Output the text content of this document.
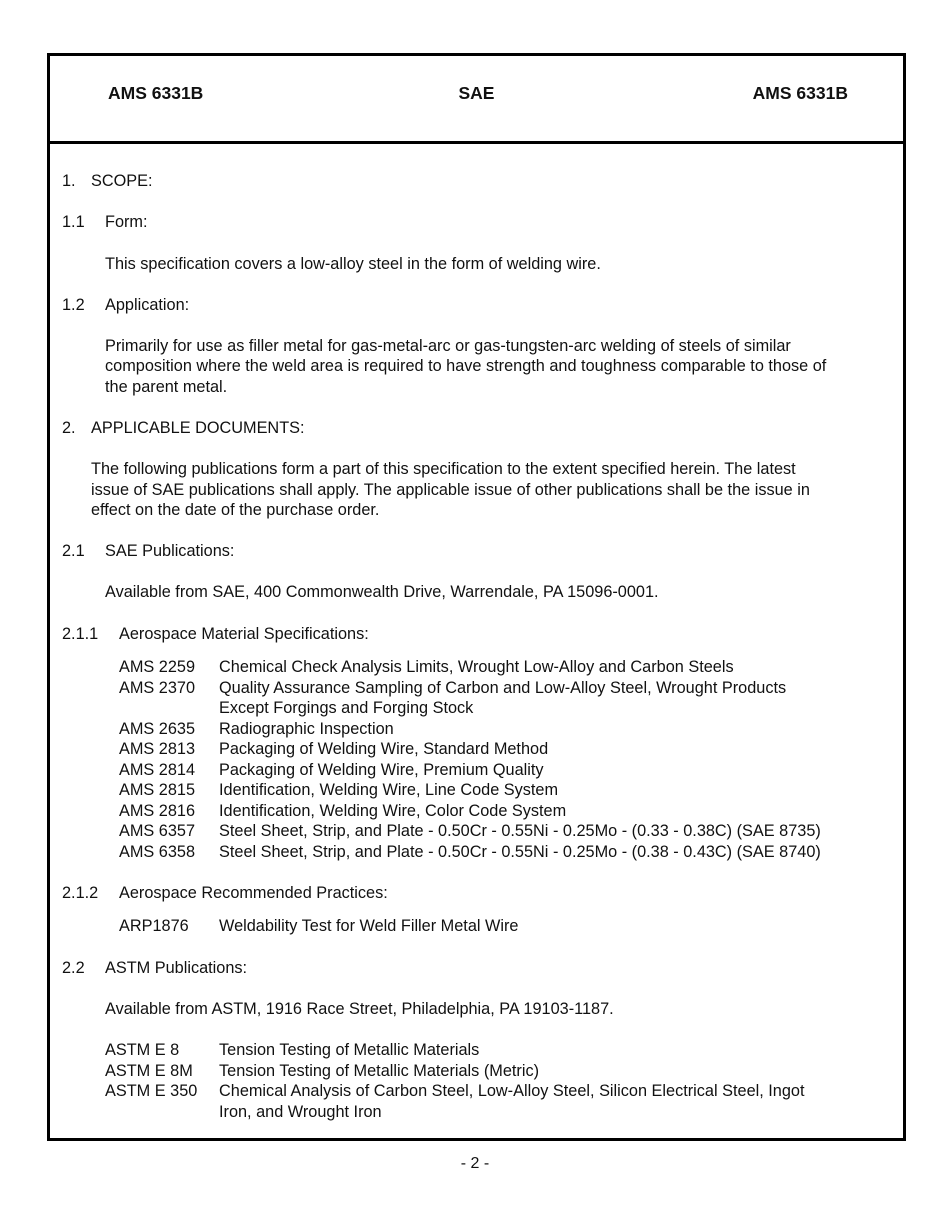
AMS 6331B	SAE	AMS 6331B
1. SCOPE:
1.1 Form:
This specification covers a low-alloy steel in the form of welding wire.
1.2 Application:
Primarily for use as filler metal for gas-metal-arc or gas-tungsten-arc welding of steels of similar
composition where the weld area is required to have strength and toughness comparable to those of
the parent metal.
2. APPLICABLE DOCUMENTS:
The following publications form a part of this specification to the extent specified herein. The latest
issue of SAE publications shall apply. The applicable issue of other publications shall be the issue in
effect on the date of the purchase order.
2.1 SAE Publications:
Available from SAE, 400 Commonwealth Drive, Warrendale, PA 15096-0001.
2.1.1 Aerospace Material Specifications:
AMS 2259 Chemical Check Analysis Limits, Wrought Low-Alloy and Carbon Steels
AMS 2370 Quality Assurance Sampling of Carbon and Low-Alloy Steel, Wrought Products
Except Forgings and Forging Stock
AMS 2635 Radiographic Inspection
AMS 2813 Packaging of Welding Wire, Standard Method
AMS 2814 Packaging of Welding Wire, Premium Quality
AMS 2815 Identification, Welding Wire, Line Code System
AMS 2816 Identification, Welding Wire, Color Code System
AMS 6357 Steel Sheet, Strip, and Plate - 0.50Cr - 0.55Ni - 0.25Mo - (0.33 - 0.38C) (SAE 8735)
AMS 6358 Steel Sheet, Strip, and Plate - 0.50Cr - 0.55Ni - 0.25Mo - (0.38 - 0.43C) (SAE 8740)
2.1.2 Aerospace Recommended Practices:
ARP1876 Weldability Test for Weld Filler Metal Wire
2.2 ASTM Publications:
Available from ASTM, 1916 Race Street, Philadelphia, PA 19103-1187.
ASTM E 8 Tension Testing of Metallic Materials
ASTM E 8M Tension Testing of Metallic Materials (Metric)
ASTM E 350 Chemical Analysis of Carbon Steel, Low-Alloy Steel, Silicon Electrical Steel, Ingot
Iron, and Wrought Iron
- 2 -
